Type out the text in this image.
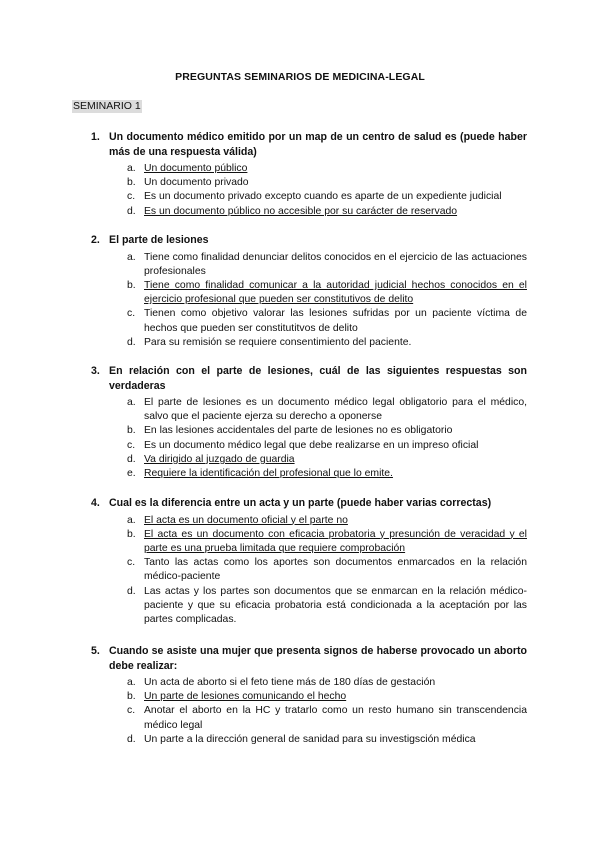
PREGUNTAS SEMINARIOS DE MEDICINA-LEGAL
SEMINARIO 1
1. Un documento médico emitido por un map de un centro de salud es (puede haber más de una respuesta válida)
a. Un documento público
b. Un documento privado
c. Es un documento privado excepto cuando es aparte de un expediente judicial
d. Es un documento público no accesible por su carácter de reservado
2. El parte de lesiones
a. Tiene como finalidad denunciar delitos conocidos en el ejercicio de las actuaciones profesionales
b. Tiene como finalidad comunicar a la autoridad judicial hechos conocidos en el ejercicio profesional que pueden ser constitutivos de delito
c. Tienen como objetivo valorar las lesiones sufridas por un paciente víctima de hechos que pueden ser constitutitvos de delito
d. Para su remisión se requiere consentimiento del paciente.
3. En relación con el parte de lesiones, cuál de las siguientes respuestas son verdaderas
a. El parte de lesiones es un documento médico legal obligatorio para el médico, salvo que el paciente ejerza su derecho a oponerse
b. En las lesiones accidentales del parte de lesiones no es obligatorio
c. Es un documento médico legal que debe realizarse en un impreso oficial
d. Va dirigido al juzgado de guardia
e. Requiere la identificación del profesional que lo emite.
4. Cual es la diferencia entre un acta y un parte (puede haber varias correctas)
a. El acta es un documento oficial y el parte no
b. El acta es un documento con eficacia probatoria y presunción de veracidad y el parte es una prueba limitada que requiere comprobación
c. Tanto las actas como los aportes son documentos enmarcados en la relación médico-paciente
d. Las actas y los partes son documentos que se enmarcan en la relación médico-paciente y que su eficacia probatoria está condicionada a la aceptación por las partes complicadas.
5. Cuando se asiste una mujer que presenta signos de haberse provocado un aborto debe realizar:
a. Un acta de aborto si el feto tiene más de 180 días de gestación
b. Un parte de lesiones comunicando el hecho
c. Anotar el aborto en la HC y tratarlo como un resto humano sin transcendencia médico legal
d. Un parte a la dirección general de sanidad para su investigsción médica
